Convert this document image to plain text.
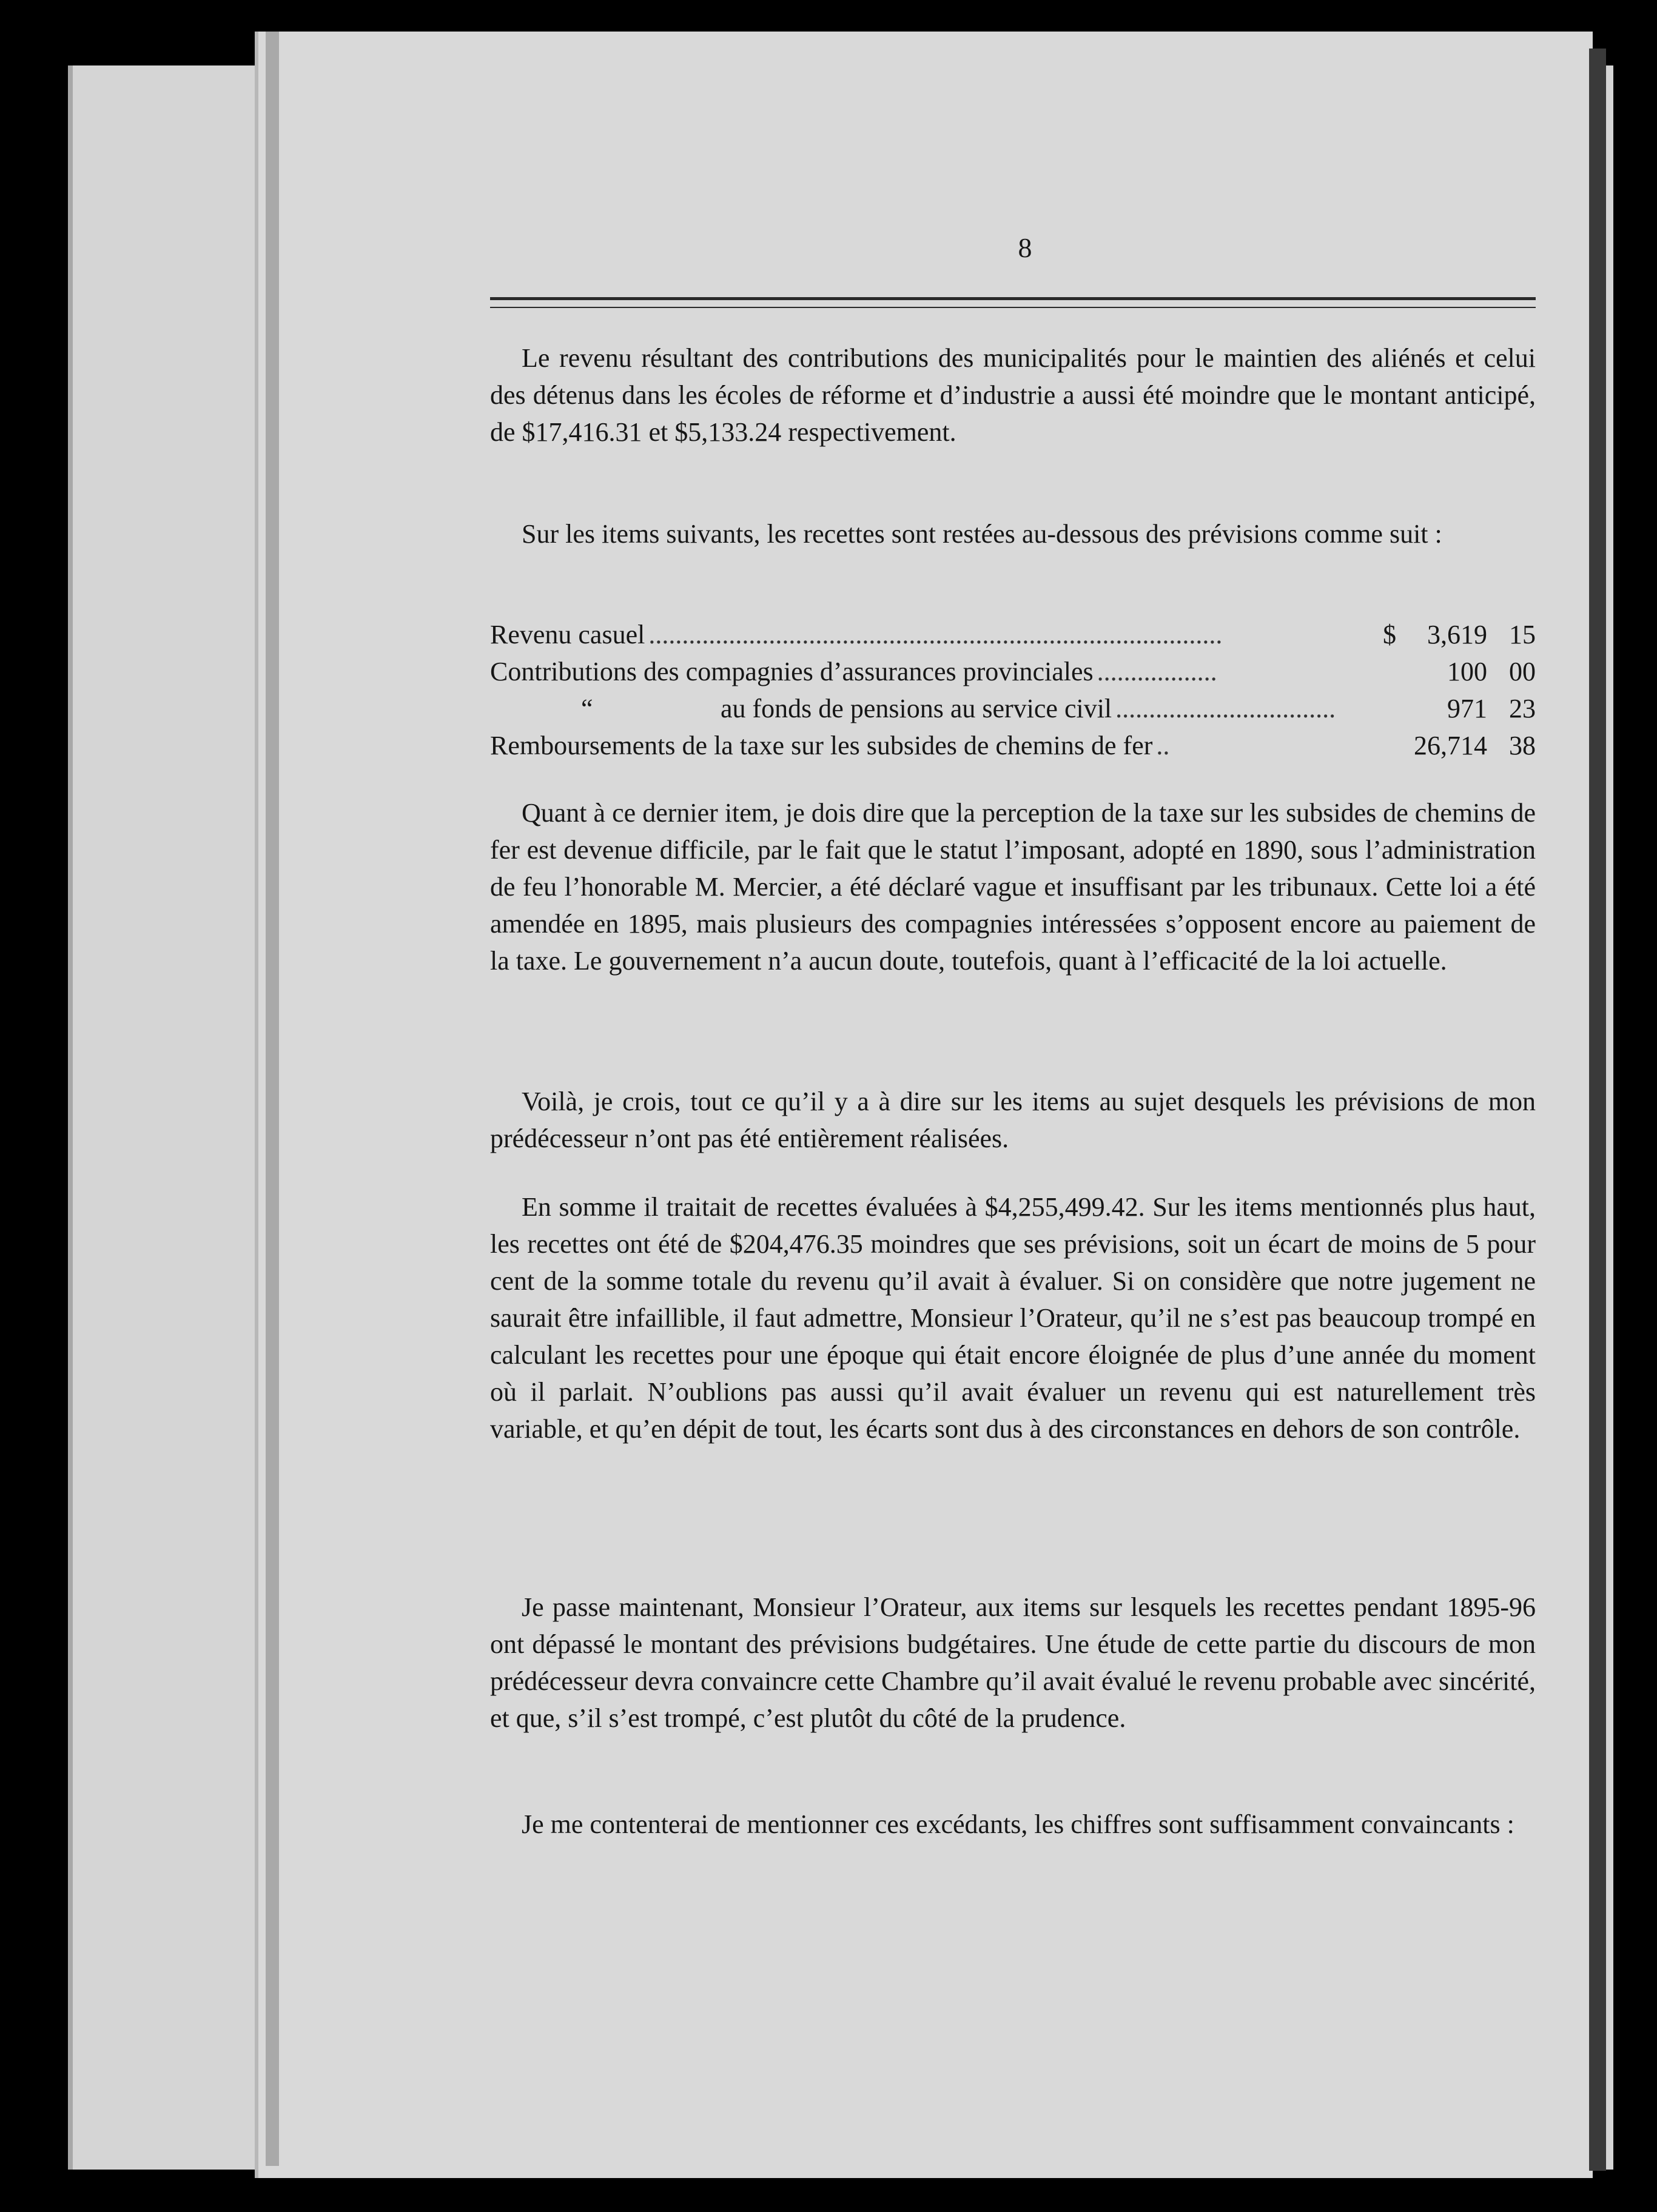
8

Le revenu résultant des contributions des municipalités pour le maintien des aliénés et celui des détenus dans les écoles de réforme et d’industrie a aussi été moindre que le montant anticipé, de $17,416.31 et $5,133.24 respectivement.

Sur les items suivants, les recettes sont restées au-dessous des prévisions comme suit :

Revenu casuel ......................................................................................	$	3,619 15
Contributions des compagnies d’assurances provinciales ..................	100 00
“	au fonds de pensions au service civil .................................	971 23
Remboursements de la taxe sur les subsides de chemins de fer ..	26,714 38

Quant à ce dernier item, je dois dire que la perception de la taxe sur les subsides de chemins de fer est devenue difficile, par le fait que le statut l’imposant, adopté en 1890, sous l’administration de feu l’honorable M. Mercier, a été déclaré vague et insuffisant par les tribunaux. Cette loi a été amendée en 1895, mais plusieurs des compagnies intéressées s’opposent encore au paiement de la taxe. Le gouvernement n’a aucun doute, toutefois, quant à l’efficacité de la loi actuelle.

Voilà, je crois, tout ce qu’il y a à dire sur les items au sujet desquels les prévisions de mon prédécesseur n’ont pas été entièrement réalisées.

En somme il traitait de recettes évaluées à $4,255,499.42. Sur les items mentionnés plus haut, les recettes ont été de $204,476.35 moindres que ses prévisions, soit un écart de moins de 5 pour cent de la somme totale du revenu qu’il avait à évaluer. Si on considère que notre jugement ne saurait être infaillible, il faut admettre, Monsieur l’Orateur, qu’il ne s’est pas beaucoup trompé en calculant les recettes pour une époque qui était encore éloignée de plus d’une année du moment où il parlait. N’oublions pas aussi qu’il avait évaluer un revenu qui est naturellement très variable, et qu’en dépit de tout, les écarts sont dus à des circonstances en dehors de son contrôle.

Je passe maintenant, Monsieur l’Orateur, aux items sur lesquels les recettes pendant 1895-96 ont dépassé le montant des prévisions budgétaires. Une étude de cette partie du discours de mon prédécesseur devra convaincre cette Chambre qu’il avait évalué le revenu probable avec sincérité, et que, s’il s’est trompé, c’est plutôt du côté de la prudence.

Je me contenterai de mentionner ces excédants, les chiffres sont suffisamment convaincants :
